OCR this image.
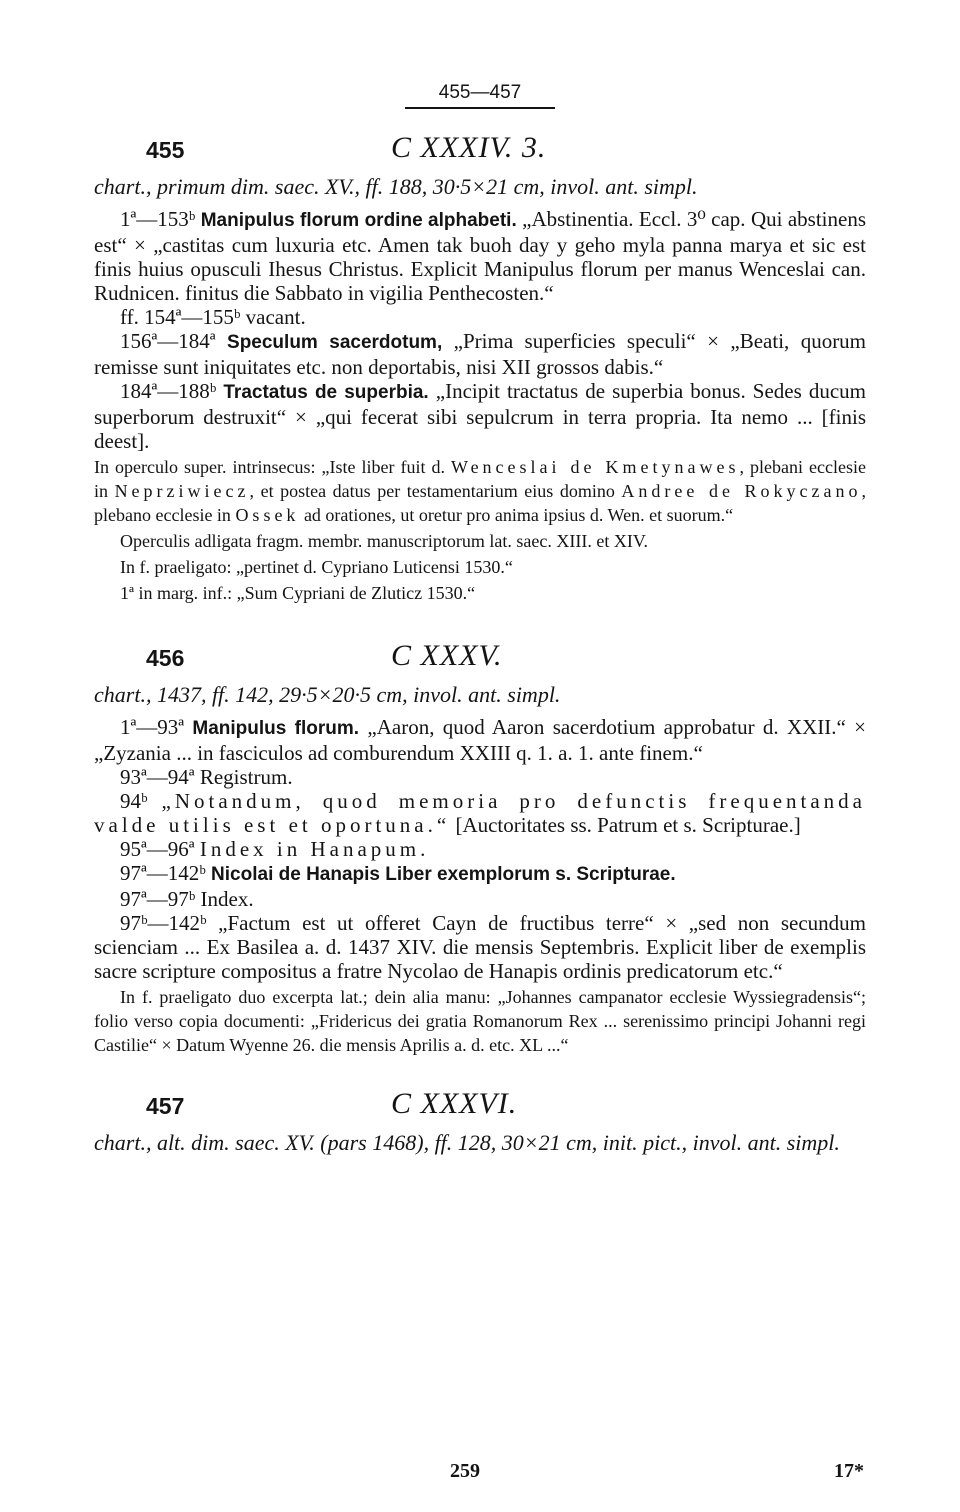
455—457
455	C XXXIV. 3.
chart., primum dim. saec. XV., ff. 188, 30·5×21 cm, invol. ant. simpl.

1ª—153ᵇ Manipulus florum ordine alphabeti. „Abstinentia. Eccl. 3⁰ cap. Qui abstinens est“ × „castitas cum luxuria etc. Amen tak buoh day y geho myla panna marya et sic est finis huius opusculi Ihesus Christus. Explicit Manipulus florum per manus Wenceslai can. Rudnicen. finitus die Sabbato in vigilia Penthecosten.“

ff. 154ª—155ᵇ vacant.

156ª—184ª Speculum sacerdotum, „Prima superficies speculi“ × „Beati, quorum remisse sunt iniquitates etc. non deportabis, nisi XII grossos dabis.“

184ª—188ᵇ Tractatus de superbia. „Incipit tractatus de superbia bonus. Sedes ducum superborum destruxit“ × „qui fecerat sibi sepulcrum in terra propria. Ita nemo ... [finis deest].

In operculo super. intrinsecus: „Iste liber fuit d. Wenceslai de Kmetynawes, plebani ecclesie in Neprziwiecz, et postea datus per testamentarium eius domino Andree de Rokyczano, plebano ecclesie in Ossek ad orationes, ut oretur pro anima ipsius d. Wen. et suorum.“

Operculis adligata fragm. membr. manuscriptorum lat. saec. XIII. et XIV.

In f. praeligato: „pertinet d. Cypriano Luticensi 1530.“

1ª in marg. inf.: „Sum Cypriani de Zluticz 1530.“

456	C XXXV.
chart., 1437, ff. 142, 29·5×20·5 cm, invol. ant. simpl.

1ª—93ª Manipulus florum. „Aaron, quod Aaron sacerdotium approbatur d. XXII.“ × „Zyzania ... in fasciculos ad comburendum XXIII q. 1. a. 1. ante finem.“

93ª—94ª Registrum.

94ᵇ „Notandum, quod memoria pro defunctis frequentanda valde utilis est et oportuna.“ [Auctoritates ss. Patrum et s. Scripturae.]

95ª—96ª Index in Hanapum.

97ª—142ᵇ Nicolai de Hanapis Liber exemplorum s. Scripturae.

97ª—97ᵇ Index.

97ᵇ—142ᵇ „Factum est ut offeret Cayn de fructibus terre“ × „sed non secundum scienciam ... Ex Basilea a. d. 1437 XIV. die mensis Septembris. Explicit liber de exemplis sacre scripture compositus a fratre Nycolao de Hanapis ordinis predicatorum etc.“

In f. praeligato duo excerpta lat.; dein alia manu: „Johannes campanator ecclesie Wyssiegradensis“; folio verso copia documenti: „Fridericus dei gratia Romanorum Rex ... serenissimo principi Johanni regi Castilie“ × Datum Wyenne 26. die mensis Aprilis a. d. etc. XL ...“

457	C XXXVI.
chart., alt. dim. saec. XV. (pars 1468), ff. 128, 30×21 cm, init. pict., invol. ant. simpl.
259	17*
